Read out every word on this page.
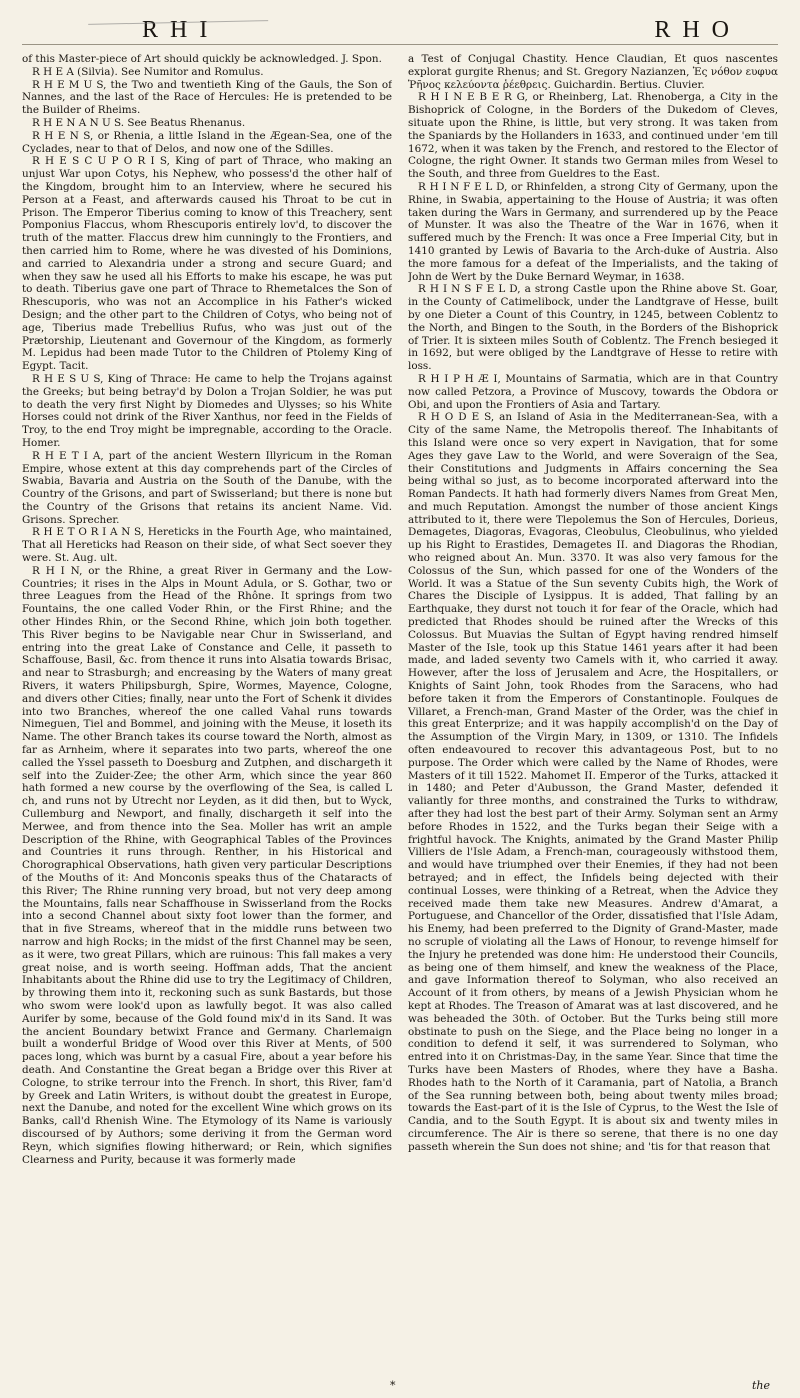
R H I	R H O

of this Master-piece of Art should quickly be acknowledged. J. Spon.

R H E A (Silvia). See Numitor and Romulus.

R H E M U S, the Two and twentieth King of the Gauls, the Son of Nannes, and the last of the Race of Hercules: He is pretended to be the Builder of Rheims.

R H E N A N U S. See Beatus Rhenanus.

R H E N S, or Rhenia, a little Island in the Ægean-Sea, one of the Cyclades, near to that of Delos, and now one of the Sdilles.

R H E S C U P O R I S, King of part of Thrace, who making an unjust War upon Cotys, his Nephew, who possess'd the other half of the Kingdom, brought him to an Interview, where he secured his Person at a Feast, and afterwards caused his Throat to be cut in Prison. The Emperor Tiberius coming to know of this Treachery, sent Pomponius Flaccus, whom Rhescuporis entirely lov'd, to discover the truth of the matter. Flaccus drew him cunningly to the Frontiers, and then carried him to Rome, where he was divested of his Dominions, and carried to Alexandria under a strong and secure Guard; and when they saw he used all his Efforts to make his escape, he was put to death. Tiberius gave one part of Thrace to Rhemetalces the Son of Rhescuporis, who was not an Accomplice in his Father's wicked Design; and the other part to the Children of Cotys, who being not of age, Tiberius made Trebellius Rufus, who was just out of the Prætorship, Lieutenant and Governour of the Kingdom, as formerly M. Lepidus had been made Tutor to the Children of Ptolemy King of Egypt. Tacit.

R H E S U S, King of Thrace: He came to help the Trojans against the Greeks; but being betray'd by Dolon a Trojan Soldier, he was put to death the very first Night by Diomedes and Ulysses; so his White Horses could not drink of the River Xanthus, nor feed in the Fields of Troy, to the end Troy might be impregnable, according to the Oracle. Homer.

R H E T I A, part of the ancient Western Illyricum in the Roman Empire, whose extent at this day comprehends part of the Circles of Swabia, Bavaria and Austria on the South of the Danube, with the Country of the Grisons, and part of Swisserland; but there is none but the Country of the Grisons that retains its ancient Name. Vid. Grisons. Sprecher.

R H E T O R I A N S, Hereticks in the Fourth Age, who maintained, That all Hereticks had Reason on their side, of what Sect soever they were. St. Aug. ult.

R H I N, or the Rhine, a great River in Germany and the Low-Countries; it rises in the Alps in Mount Adula, or S. Gothar, two or three Leagues from the Head of the Rhône. It springs from two Fountains, the one called Voder Rhin, or the First Rhine; and the other Hindes Rhin, or the Second Rhine, which join both together. This River begins to be Navigable near Chur in Swisserland, and entring into the great Lake of Constance and Celle, it passeth to Schaffouse, Basil, &c. from thence it runs into Alsatia towards Brisac, and near to Strasburgh; and encreasing by the Waters of many great Rivers, it waters Philipsburgh, Spire, Wormes, Mayence, Cologne, and divers other Cities; finally, near unto the Fort of Schenk it divides into two Branches, whereof the one called Vahal runs towards Nimeguen, Tiel and Bommel, and joining with the Meuse, it loseth its Name. The other Branch takes its course toward the North, almost as far as Arnheim, where it separates into two parts, whereof the one called the Yssel passeth to Doesburg and Zutphen, and dischargeth it self into the Zuider-Zee; the other Arm, which since the year 860 hath formed a new course by the overflowing of the Sea, is called L ch, and runs not by Utrecht nor Leyden, as it did then, but to Wyck, Cullemburg and Newport, and finally, dischargeth it self into the Merwee, and from thence into the Sea. Moller has writ an ample Description of the Rhine, with Geographical Tables of the Provinces and Countries it runs through. Renther, in his Historical and Chorographical Observations, hath given very particular Descriptions of the Mouths of it: And Monconis speaks thus of the Chataracts of this River; The Rhine running very broad, but not very deep among the Mountains, falls near Schaffhouse in Swisserland from the Rocks into a second Channel about sixty foot lower than the former, and that in five Streams, whereof that in the middle runs between two narrow and high Rocks; in the midst of the first Channel may be seen, as it were, two great Pillars, which are ruinous: This fall makes a very great noise, and is worth seeing. Hoffman adds, That the ancient Inhabitants about the Rhine did use to try the Legitimacy of Children, by throwing them into it, reckoning such as sunk Bastards, but those who swom were look'd upon as lawfully begot. It was also called Aurifer by some, because of the Gold found mix'd in its Sand. It was the ancient Boundary betwixt France and Germany. Charlemaign built a wonderful Bridge of Wood over this River at Ments, of 500 paces long, which was burnt by a casual Fire, about a year before his death. And Constantine the Great began a Bridge over this River at Cologne, to strike terrour into the French. In short, this River, fam'd by Greek and Latin Writers, is without doubt the greatest in Europe, next the Danube, and noted for the excellent Wine which grows on its Banks, call'd Rhenish Wine. The Etymology of its Name is variously discoursed of by Authors; some deriving it from the German word Reyn, which signifies flowing hitherward; or Rein, which signifies Clearness and Purity, because it was formerly made

a Test of Conjugal Chastity. Hence Claudian, Et quos nascentes explorat gurgite Rhenus; and St. Gregory Nazianzen, Ἐς νόθον ευφυα Ῥῆνος κελεύοντα ῥέεθρεις. Guichardin. Bertius. Cluvier.

R H I N E B E R G, or Rheinberg, Lat. Rhenoberga, a City in the Bishoprick of Cologne, in the Borders of the Dukedom of Cleves, situate upon the Rhine, is little, but very strong. It was taken from the Spaniards by the Hollanders in 1633, and continued under 'em till 1672, when it was taken by the French, and restored to the Elector of Cologne, the right Owner. It stands two German miles from Wesel to the South, and three from Gueldres to the East.

R H I N F E L D, or Rhinfelden, a strong City of Germany, upon the Rhine, in Swabia, appertaining to the House of Austria; it was often taken during the Wars in Germany, and surrendered up by the Peace of Munster. It was also the Theatre of the War in 1676, when it suffered much by the French: It was once a Free Imperial City, but in 1410 granted by Lewis of Bavaria to the Arch-duke of Austria. Also the more famous for a defeat of the Imperialists, and the taking of John de Wert by the Duke Bernard Weymar, in 1638.

R H I N S F E L D, a strong Castle upon the Rhine above St. Goar, in the County of Catimelibock, under the Landtgrave of Hesse, built by one Dieter a Count of this Country, in 1245, between Coblentz to the North, and Bingen to the South, in the Borders of the Bishoprick of Trier. It is sixteen miles South of Coblentz. The French besieged it in 1692, but were obliged by the Landtgrave of Hesse to retire with loss.

R H I P H Æ I, Mountains of Sarmatia, which are in that Country now called Petzora, a Province of Muscovy, towards the Obdora or Obi, and upon the Frontiers of Asia and Tartary.

R H O D E S, an Island of Asia in the Mediterranean-Sea, with a City of the same Name, the Metropolis thereof. The Inhabitants of this Island were once so very expert in Navigation, that for some Ages they gave Law to the World, and were Soveraign of the Sea, their Constitutions and Judgments in Affairs concerning the Sea being withal so just, as to become incorporated afterward into the Roman Pandects. It hath had formerly divers Names from Great Men, and much Reputation. Amongst the number of those ancient Kings attributed to it, there were Tlepolemus the Son of Hercules, Dorieus, Demagetes, Diagoras, Evagoras, Cleobulus, Cleobulinus, who yielded up his Right to Erastides, Demagetes II. and Diagoras the Rhodian, who reigned about An. Mun. 3370. It was also very famous for the Colossus of the Sun, which passed for one of the Wonders of the World. It was a Statue of the Sun seventy Cubits high, the Work of Chares the Disciple of Lysippus. It is added, That falling by an Earthquake, they durst not touch it for fear of the Oracle, which had predicted that Rhodes should be ruined after the Wrecks of this Colossus. But Muavias the Sultan of Egypt having rendred himself Master of the Isle, took up this Statue 1461 years after it had been made, and laded seventy two Camels with it, who carried it away. However, after the loss of Jerusalem and Acre, the Hospitallers, or Knights of Saint John, took Rhodes from the Saracens, who had before taken it from the Emperors of Constantinople. Foulques de Villaret, a French-man, Grand Master of the Order, was the chief in this great Enterprize; and it was happily accomplish'd on the Day of the Assumption of the Virgin Mary, in 1309, or 1310. The Infidels often endeavoured to recover this advantageous Post, but to no purpose. The Order which were called by the Name of Rhodes, were Masters of it till 1522. Mahomet II. Emperor of the Turks, attacked it in 1480; and Peter d'Aubusson, the Grand Master, defended it valiantly for three months, and constrained the Turks to withdraw, after they had lost the best part of their Army. Solyman sent an Army before Rhodes in 1522, and the Turks began their Seige with a frightful havock. The Knights, animated by the Grand Master Philip Villiers de l'Isle Adam, a French-man, courageously withstood them, and would have triumphed over their Enemies, if they had not been betrayed; and in effect, the Infidels being dejected with their continual Losses, were thinking of a Retreat, when the Advice they received made them take new Measures. Andrew d'Amarat, a Portuguese, and Chancellor of the Order, dissatisfied that l'Isle Adam, his Enemy, had been preferred to the Dignity of Grand-Master, made no scruple of violating all the Laws of Honour, to revenge himself for the Injury he pretended was done him: He understood their Councils, as being one of them himself, and knew the weakness of the Place, and gave Information thereof to Solyman, who also received an Account of it from others, by means of a Jewish Physician whom he kept at Rhodes. The Treason of Amarat was at last discovered, and he was beheaded the 30th. of October. But the Turks being still more obstinate to push on the Siege, and the Place being no longer in a condition to defend it self, it was surrendered to Solyman, who entred into it on Christmas-Day, in the same Year. Since that time the Turks have been Masters of Rhodes, where they have a Basha. Rhodes hath to the North of it Caramania, part of Natolia, a Branch of the Sea running between both, being about twenty miles broad; towards the East-part of it is the Isle of Cyprus, to the West the Isle of Candia, and to the South Egypt. It is about six and twenty miles in circumference. The Air is there so serene, that there is no one day passeth wherein the Sun does not shine; and 'tis for that reason that

*	the
